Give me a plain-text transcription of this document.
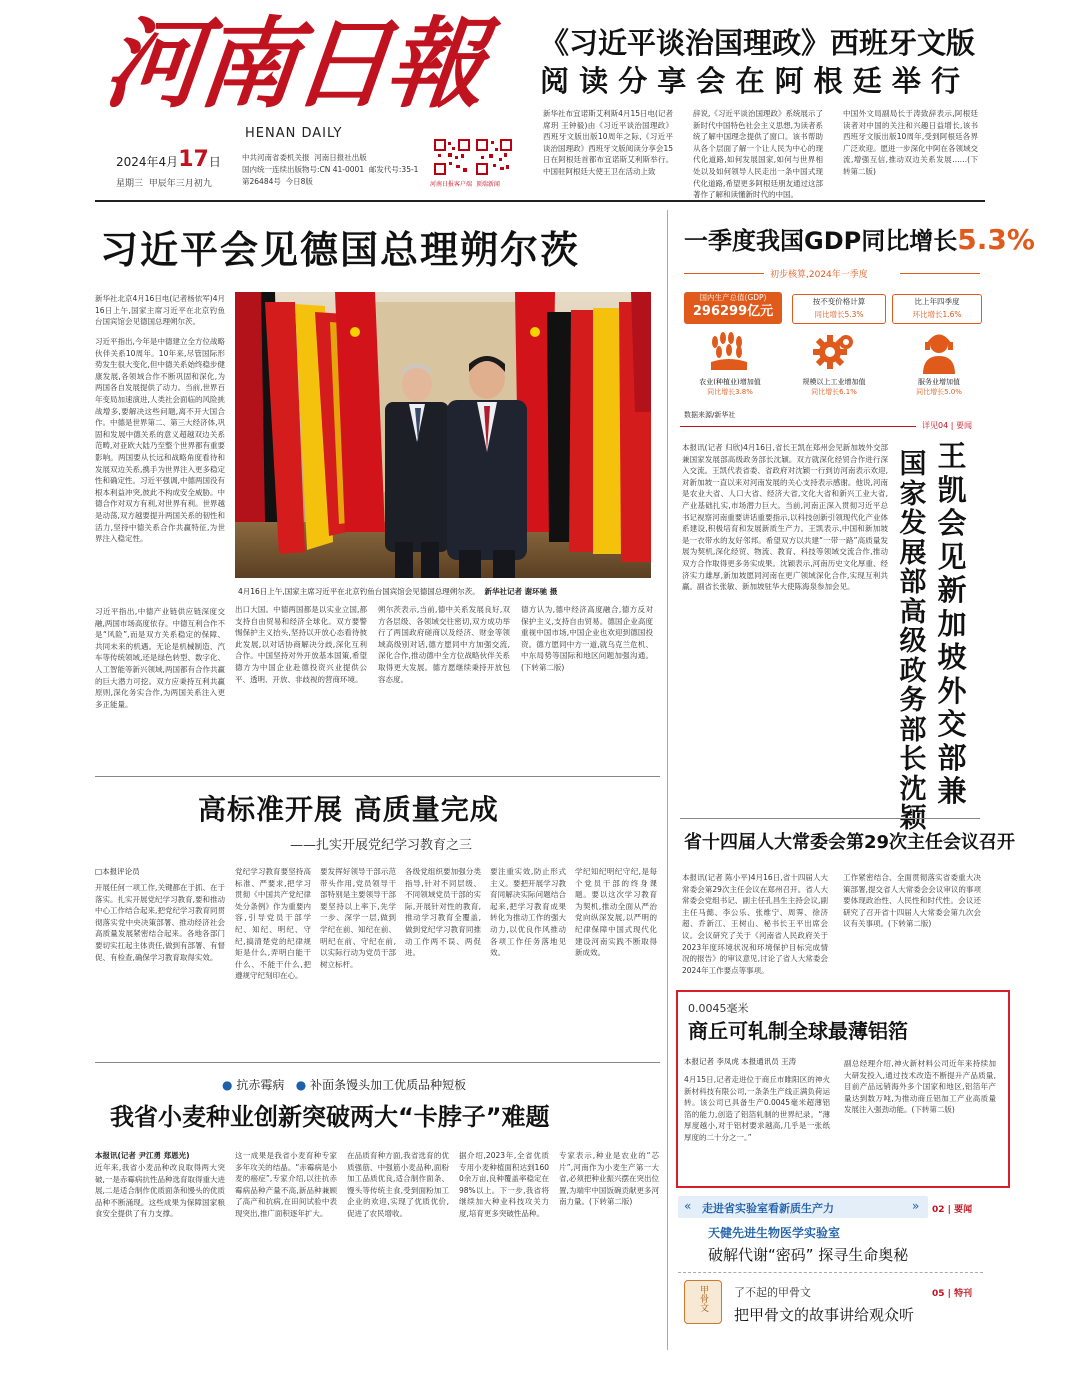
河南日報
HENAN DAILY
2024年4月17日
星期三 甲辰年三月初九
中共河南省委机关报 河南日报社出版
国内统一连续出版物号:CN 41-0001 邮发代号:35-1
第26484号 今日8版	河南日报客户端 顶端新闻
《习近平谈治国理政》西班牙文版
阅 读 分 享 会 在 阿 根 廷 举 行
新华社布宜诺斯艾利斯4月15日电(记者 席玥 王钟毅)由《习近平谈治国理政》西班牙文版出版10周年之际,《习近平谈治国理政》西班牙文版阅读分享会15日在阿根廷首都布宜诺斯艾利斯举行。 中国驻阿根廷大使王卫在活动上致
辞说,《习近平谈治国理政》系统展示了新时代中国特色社会主义思想,为读者系统了解中国理念提供了窗口。该书帮助从各个层面了解一个让人民为中心的现代化道路,如何发展国家,如何与世界相处以及如何领导人民走出一条中国式现代化道路,希望更多阿根廷朋友通过这部著作了解和读懂新时代的中国。
中国外文局副局长于涛致辞表示,阿根廷读者对中国的关注和兴趣日益增长,该书西班牙文版出版10周年,受到阿根廷各界广泛欢迎。愿进一步深化中阿在各领域交流,增强互信,推动双边关系发展……(下转第二版)
习近平会见德国总理朔尔茨
新华社北京4月16日电(记者杨依军)4月16日上午,国家主席习近平在北京钓鱼台国宾馆会见德国总理朔尔茨。
4月16日上午,国家主席习近平在北京钓鱼台国宾馆会见德国总理朔尔茨。 新华社记者 谢环驰 摄
习近平指出,今年是中德建立全方位战略伙伴关系10周年。10年来,尽管国际形势发生很大变化,但中德关系始终稳步健康发展,各领域合作不断巩固和深化,为两国各自发展提供了动力。当前,世界百年变局加速演进,人类社会面临的风险挑战增多,要解决这些问题,离不开大国合作。中德是世界第二、第三大经济体,巩固和发展中德关系的意义超越双边关系范畴,对亚欧大陆乃至整个世界都有重要影响。两国要从长远和战略角度看待和发展双边关系,携手为世界注入更多稳定性和确定性。习近平强调,中德两国没有根本利益冲突,彼此不构成安全威胁。中德合作对双方有利,对世界有利。世界越是动荡,双方越要提升两国关系的韧性和活力,坚持中德关系合作共赢特征,为世界注入稳定性。
习近平指出,中德产业链供应链深度交融,两国市场高度依存。中德互利合作不是“风险”,而是双方关系稳定的保障、共同未来的机遇。无论是机械制造、汽车等传统领域,还是绿色转型、数字化、人工智能等新兴领域,两国都有合作共赢的巨大潜力可挖。双方应秉持互利共赢原则,深化务实合作,为两国关系注入更多正能量。
出口大国。中德两国都是以实业立国,都支持自由贸易和经济全球化。双方要警惕保护主义抬头,坚持以开放心态看待彼此发展,以对话协商解决分歧,深化互利合作。中国坚持对外开放基本国策,希望德方为中国企业赴德投资兴业提供公平、透明、开放、非歧视的营商环境。
朔尔茨表示,当前,德中关系发展良好,双方各层级、各领域交往密切,双方成功举行了两国政府磋商以及经济、财金等领域高级别对话,德方愿同中方加强交流,深化合作,推动德中全方位战略伙伴关系取得更大发展。德方愿继续秉持开放包容态度。
德方认为,德中经济高度融合,德方反对保护主义,支持自由贸易。德国企业高度重视中国市场,中国企业也欢迎到德国投资。德方愿同中方一道,就乌克兰危机、中东局势等国际和地区问题加强沟通。(下转第二版)
一季度我国GDP同比增长5.3%
初步核算,2024年一季度
国内生产总值(GDP)
296299亿元
按不变价格计算
同比增长5.3%
比上年四季度
环比增长1.6%
农业(种植业)增加值
同比增长3.8%
规模以上工业增加值
同比增长6.1%
服务业增加值
同比增长5.0%
数据来源/新华社
详见04 | 要闻
本报讯(记者 归欣)4月16日,省长王凯在郑州会见新加坡外交部兼国家发展部高级政务部长沈颖。双方就深化经贸合作进行深入交流。王凯代表省委、省政府对沈颖一行到访河南表示欢迎,对新加坡一直以来对河南发展的关心支持表示感谢。他说,河南是农业大省、人口大省、经济大省,文化大省和新兴工业大省,产业基础扎实,市场潜力巨大。当前,河南正深入贯彻习近平总书记视察河南重要讲话重要指示,以科技创新引领现代化产业体系建设,积极培育和发展新质生产力。王凯表示,中国和新加坡是一衣带水的友好邻邦。希望双方以共建“一带一路”高质量发展为契机,深化经贸、物流、教育、科技等领域交流合作,推动双方合作取得更多务实成果。沈颖表示,河南历史文化厚重、经济实力雄厚,新加坡愿同河南在更广领域深化合作,实现互利共赢。副省长张敏、新加坡驻华大使陈海泉参加会见。
王凯会见新加坡外交部兼
国家发展部高级政务部长沈颖
省十四届人大常委会第29次主任会议召开
本报讯(记者 陈小平)4月16日,省十四届人大常委会第29次主任会议在郑州召开。省人大常委会党组书记、副主任孔昌生主持会议,副主任马懿、李公乐、张维宁、周霁、徐济超、乔新江、王树山、秘书长王平出席会议。会议研究了关于《河南省人民政府关于2023年度环境状况和环境保护目标完成情况的报告》的审议意见,讨论了省人大常委会2024年工作要点等事项。
工作紧密结合、全面贯彻落实省委重大决策部署,提交省人大常委会会议审议的事项要体现政治性、人民性和时代性。会议还研究了召开省十四届人大常委会第九次会议有关事项。(下转第二版)
0.0045毫米
商丘可轧制全球最薄铝箔
本报记者 李凤虎 本报通讯员 王涛
4月15日,记者走进位于商丘市睢阳区的神火新材科技有限公司,一条条生产线正满负荷运转。该公司已具备生产0.0045毫米超薄铝箔的能力,创造了铝箔轧制的世界纪录。“薄厚度越小,对于铝材要求越高,几乎是一张纸厚度的二十分之一。”
副总经理介绍,神火新材料公司近年来持续加大研发投入,通过技术改造不断提升产品质量,目前产品远销海外多个国家和地区,铝箔年产量达到数万吨,为推动商丘铝加工产业高质量发展注入强劲动能。(下转第二版)
高标准开展 高质量完成
——扎实开展党纪学习教育之三
□本报评论员
开展任何一项工作,关键都在于抓、在于落实。扎实开展党纪学习教育,要和推动中心工作结合起来,把党纪学习教育同贯彻落实党中央决策部署、推动经济社会高质量发展紧密结合起来。各地各部门要切实扛起主体责任,做到有部署、有督促、有检查,确保学习教育取得实效。
党纪学习教育要坚持高标准、严要求,把学习贯彻《中国共产党纪律处分条例》作为重要内容,引导党员干部学纪、知纪、明纪、守纪,搞清楚党的纪律规矩是什么,弄明白能干什么、不能干什么,把遵规守纪刻印在心。
要发挥好领导干部示范带头作用,党员领导干部特别是主要领导干部要坚持以上率下,先学一步、深学一层,做到学纪在前、知纪在前、明纪在前、守纪在前,以实际行动为党员干部树立标杆。
各级党组织要加强分类指导,针对不同层级、不同领域党员干部的实际,开展针对性的教育,推动学习教育全覆盖,做到党纪学习教育同推动工作两不误、两促进。
要注重实效,防止形式主义。要把开展学习教育同解决实际问题结合起来,把学习教育成果转化为推动工作的强大动力,以优良作风推动各项工作任务落地见效。
学纪知纪明纪守纪,是每个党员干部的终身课题。要以这次学习教育为契机,推动全面从严治党向纵深发展,以严明的纪律保障中国式现代化建设河南实践不断取得新成效。
● 抗赤霉病 ● 补面条馒头加工优质品种短板
我省小麦种业创新突破两大“卡脖子”难题
本报讯(记者 尹江勇 郑恩光)
近年来,我省小麦品种改良取得两大突破,一是赤霉病抗性品种选育取得重大进展,二是适合制作优质面条和馒头的优质品种不断涌现。这些成果为保障国家粮食安全提供了有力支撑。
这一成果是我省小麦育种专家多年攻关的结晶。“赤霉病是小麦的癌症”,专家介绍,以往抗赤霉病品种产量不高,新品种兼顾了高产和抗病,在田间试验中表现突出,推广面积逐年扩大。
在品质育种方面,我省选育的优质强筋、中强筋小麦品种,面粉加工品质优良,适合制作面条、馒头等传统主食,受到面粉加工企业的欢迎,实现了优质优价,促进了农民增收。
据介绍,2023年,全省优质专用小麦种植面积达到1600余万亩,良种覆盖率稳定在98%以上。下一步,我省将继续加大种业科技攻关力度,培育更多突破性品种。
专家表示,种业是农业的“芯片”,河南作为小麦生产第一大省,必须把种业振兴摆在突出位置,为端牢中国饭碗贡献更多河南力量。(下转第二版)	« 走进省实验室看新质生产力	» 02 | 要闻
天健先进生物医学实验室
破解代谢“密码” 探寻生命奥秘
甲骨文 了不起的甲骨文	05 | 特刊
把甲骨文的故事讲给观众听
